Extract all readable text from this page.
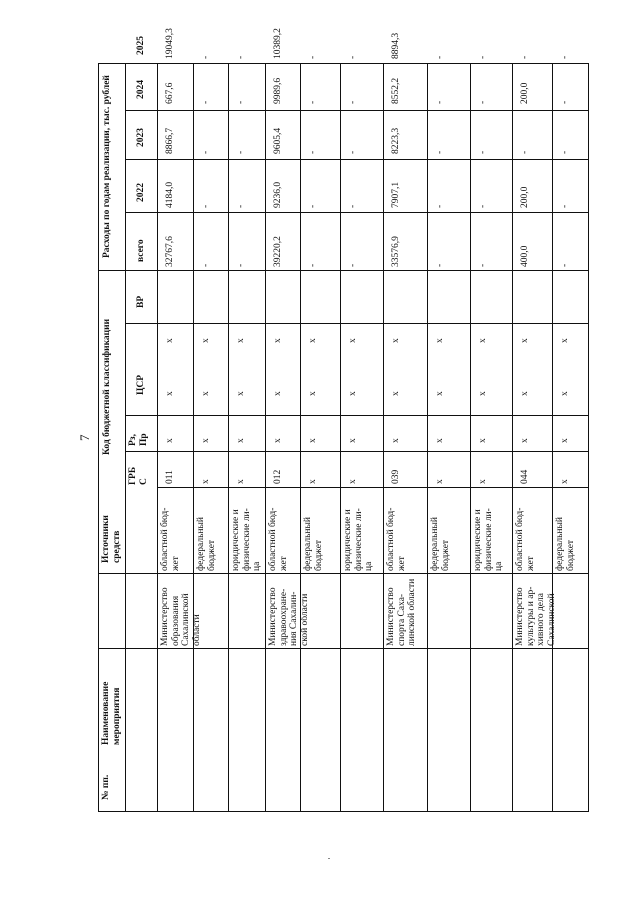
7
№ пп.
Наименование мероприятия
Источники средств
Код бюджетной классификации
Расходы по годам реализации, тыс. рублей
ГРБ С
Рз, Пр
ЦСР
ВР
всего
2022
2023
2024
2025
Министерство образования Сахалинской области
областной бюд- жет
011
х
х
х
32767,6
4184,0
8866,7
667,6
19049,3
федеральный бюджет
х
х
х
х
-
-
-
-
-
юридические и физические ли- ца
х
х
х
х
-
-
-
-
-
Министерство здравоохране- ния Сахалин- ской области
областной бюд- жет
012
х
х
х
39220,2
9236,0
9605,4
9989,6
10389,2
федеральный бюджет
х
х
х
х
-
-
-
-
-
юридические и физические ли- ца
х
х
х
х
-
-
-
-
-
Министерство спорта Саха- линской области
областной бюд- жет
039
х
х
х
33576,9
7907,1
8223,3
8552,2
8894,3
федеральный бюджет
х
х
х
х
-
-
-
-
-
юридические и физические ли- ца
х
х
х
х
-
-
-
-
-
Министерство культуры и ар- хивного дела Сахалинской
областной бюд- жет
044
х
х
х
400,0
200,0
-
200,0
-
федеральный бюджет
х
х
х
х
-
-
-
-
-
